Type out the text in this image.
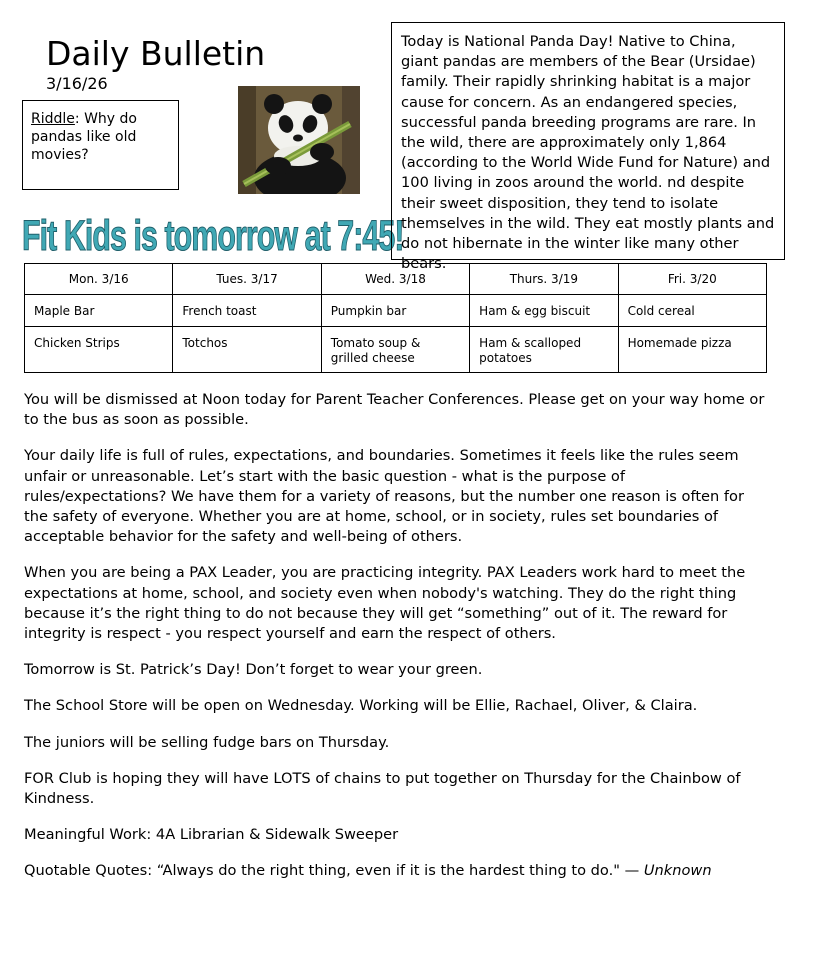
Daily Bulletin
3/16/26
Riddle: Why do pandas like old movies?
Fit Kids is tomorrow at 7:45!
Today is National Panda Day! Native to China, giant pandas are members of the Bear (Ursidae) family. Their rapidly shrinking habitat is a major cause for concern. As an endangered species, successful panda breeding programs are rare. In the wild, there are approximately only 1,864 (according to the World Wide Fund for Nature) and 100 living in zoos around the world. nd despite their sweet disposition, they tend to isolate themselves in the wild. They eat mostly plants and do not hibernate in the winter like many other bears.
Mon. 3/16	Tues. 3/17	Wed. 3/18	Thurs. 3/19	Fri. 3/20
Maple Bar	French toast	Pumpkin bar	Ham & egg biscuit	Cold cereal
Chicken Strips	Totchos	Tomato soup & grilled cheese	Ham & scalloped potatoes	Homemade pizza

You will be dismissed at Noon today for Parent Teacher Conferences. Please get on your way home or to the bus as soon as possible.

Your daily life is full of rules, expectations, and boundaries. Sometimes it feels like the rules seem unfair or unreasonable. Let’s start with the basic question - what is the purpose of rules/expectations? We have them for a variety of reasons, but the number one reason is often for the safety of everyone. Whether you are at home, school, or in society, rules set boundaries of acceptable behavior for the safety and well-being of others.

When you are being a PAX Leader, you are practicing integrity. PAX Leaders work hard to meet the expectations at home, school, and society even when nobody's watching. They do the right thing because it’s the right thing to do not because they will get “something” out of it. The reward for integrity is respect - you respect yourself and earn the respect of others.

Tomorrow is St. Patrick’s Day! Don’t forget to wear your green.

The School Store will be open on Wednesday. Working will be Ellie, Rachael, Oliver, & Claira.

The juniors will be selling fudge bars on Thursday.

FOR Club is hoping they will have LOTS of chains to put together on Thursday for the Chainbow of Kindness.

Meaningful Work: 4A Librarian & Sidewalk Sweeper

Quotable Quotes: “Always do the right thing, even if it is the hardest thing to do." — Unknown
